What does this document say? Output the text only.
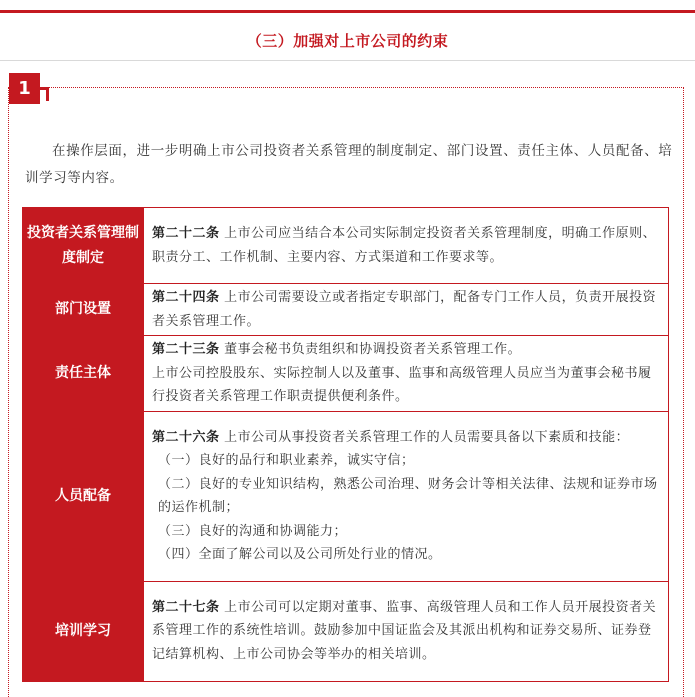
（三）加强对上市公司的约束
1

在操作层面，进一步明确上市公司投资者关系管理的制度制定、部门设置、责任主体、人员配备、培训学习等内容。

投资者关系管理制度制定	第二十二条 上市公司应当结合本公司实际制定投资者关系管理制度，明确工作原则、职责分工、工作机制、主要内容、方式渠道和工作要求等。
部门设置	第二十四条 上市公司需要设立或者指定专职部门，配备专门工作人员，负责开展投资者关系管理工作。
责任主体	第二十三条 董事会秘书负责组织和协调投资者关系管理工作。
上市公司控股股东、实际控制人以及董事、监事和高级管理人员应当为董事会秘书履行投资者关系管理工作职责提供便利条件。

人员配备	第二十六条 上市公司从事投资者关系管理工作的人员需要具备以下素质和技能：
（一）良好的品行和职业素养，诚实守信；
（二）良好的专业知识结构，熟悉公司治理、财务会计等相关法律、法规和证券市场的运作机制；
（三）良好的沟通和协调能力；
（四）全面了解公司以及公司所处行业的情况。

培训学习	第二十七条 上市公司可以定期对董事、监事、高级管理人员和工作人员开展投资者关系管理工作的系统性培训。鼓励参加中国证监会及其派出机构和证券交易所、证券登记结算机构、上市公司协会等举办的相关培训。
